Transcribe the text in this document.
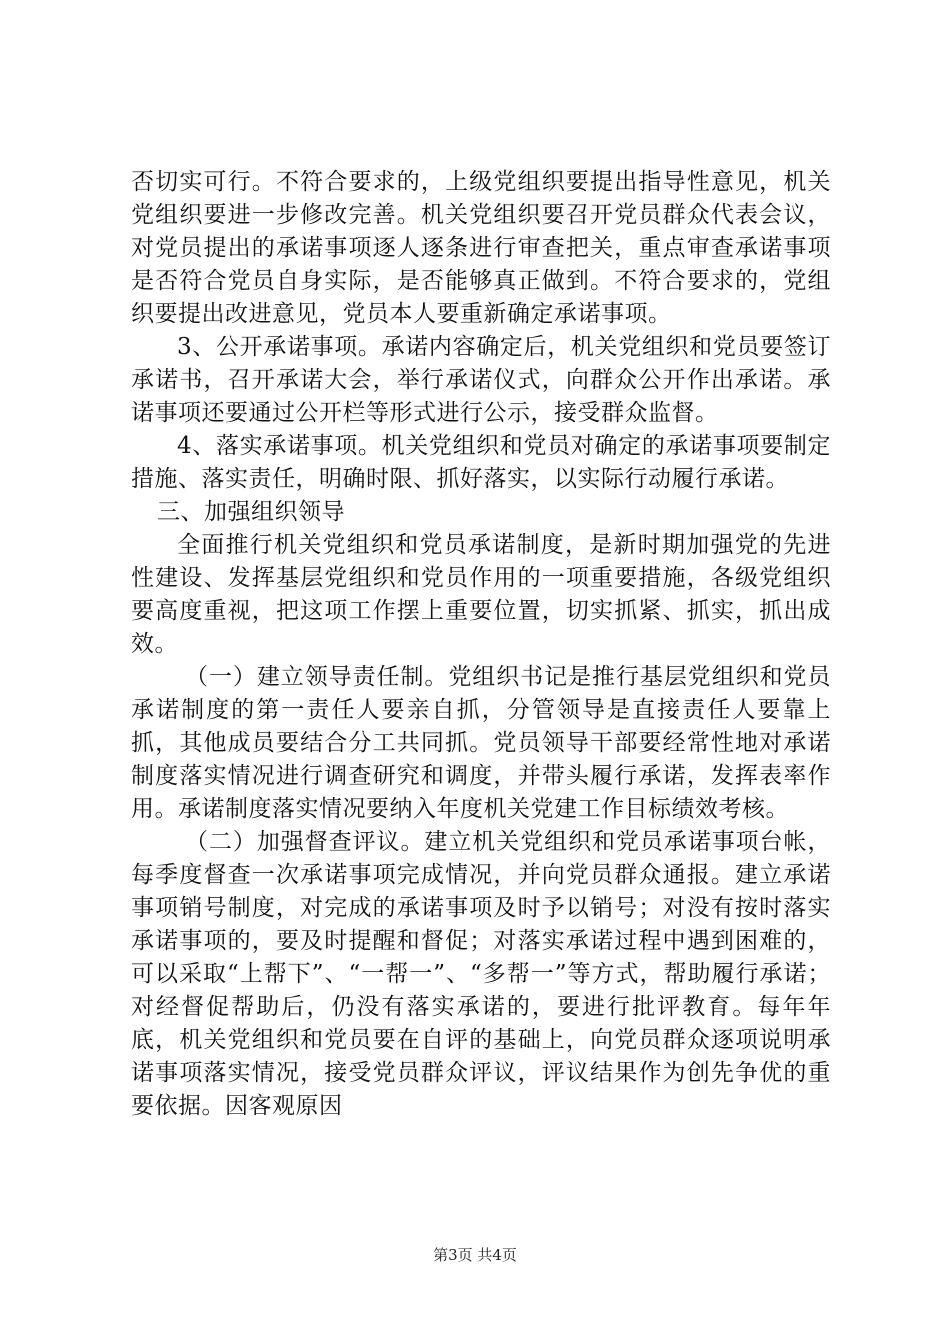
否切实可行。不符合要求的，上级党组织要提出指导性意见，机关党组织要进一步修改完善。机关党组织要召开党员群众代表会议，对党员提出的承诺事项逐人逐条进行审查把关，重点审查承诺事项是否符合党员自身实际，是否能够真正做到。不符合要求的，党组织要提出改进意见，党员本人要重新确定承诺事项。

3、公开承诺事项。承诺内容确定后，机关党组织和党员要签订承诺书，召开承诺大会，举行承诺仪式，向群众公开作出承诺。承诺事项还要通过公开栏等形式进行公示，接受群众监督。

4、落实承诺事项。机关党组织和党员对确定的承诺事项要制定措施、落实责任，明确时限、抓好落实，以实际行动履行承诺。

三、加强组织领导

全面推行机关党组织和党员承诺制度，是新时期加强党的先进性建设、发挥基层党组织和党员作用的一项重要措施，各级党组织要高度重视，把这项工作摆上重要位置，切实抓紧、抓实，抓出成效。

（一）建立领导责任制。党组织书记是推行基层党组织和党员承诺制度的第一责任人要亲自抓，分管领导是直接责任人要靠上抓，其他成员要结合分工共同抓。党员领导干部要经常性地对承诺制度落实情况进行调查研究和调度，并带头履行承诺，发挥表率作用。承诺制度落实情况要纳入年度机关党建工作目标绩效考核。

（二）加强督查评议。建立机关党组织和党员承诺事项台帐，每季度督查一次承诺事项完成情况，并向党员群众通报。建立承诺事项销号制度，对完成的承诺事项及时予以销号；对没有按时落实承诺事项的，要及时提醒和督促；对落实承诺过程中遇到困难的，可以采取“上帮下”、“一帮一”、“多帮一”等方式，帮助履行承诺；对经督促帮助后，仍没有落实承诺的，要进行批评教育。每年年底，机关党组织和党员要在自评的基础上，向党员群众逐项说明承诺事项落实情况，接受党员群众评议，评议结果作为创先争优的重要依据。因客观原因

第3页 共4页
